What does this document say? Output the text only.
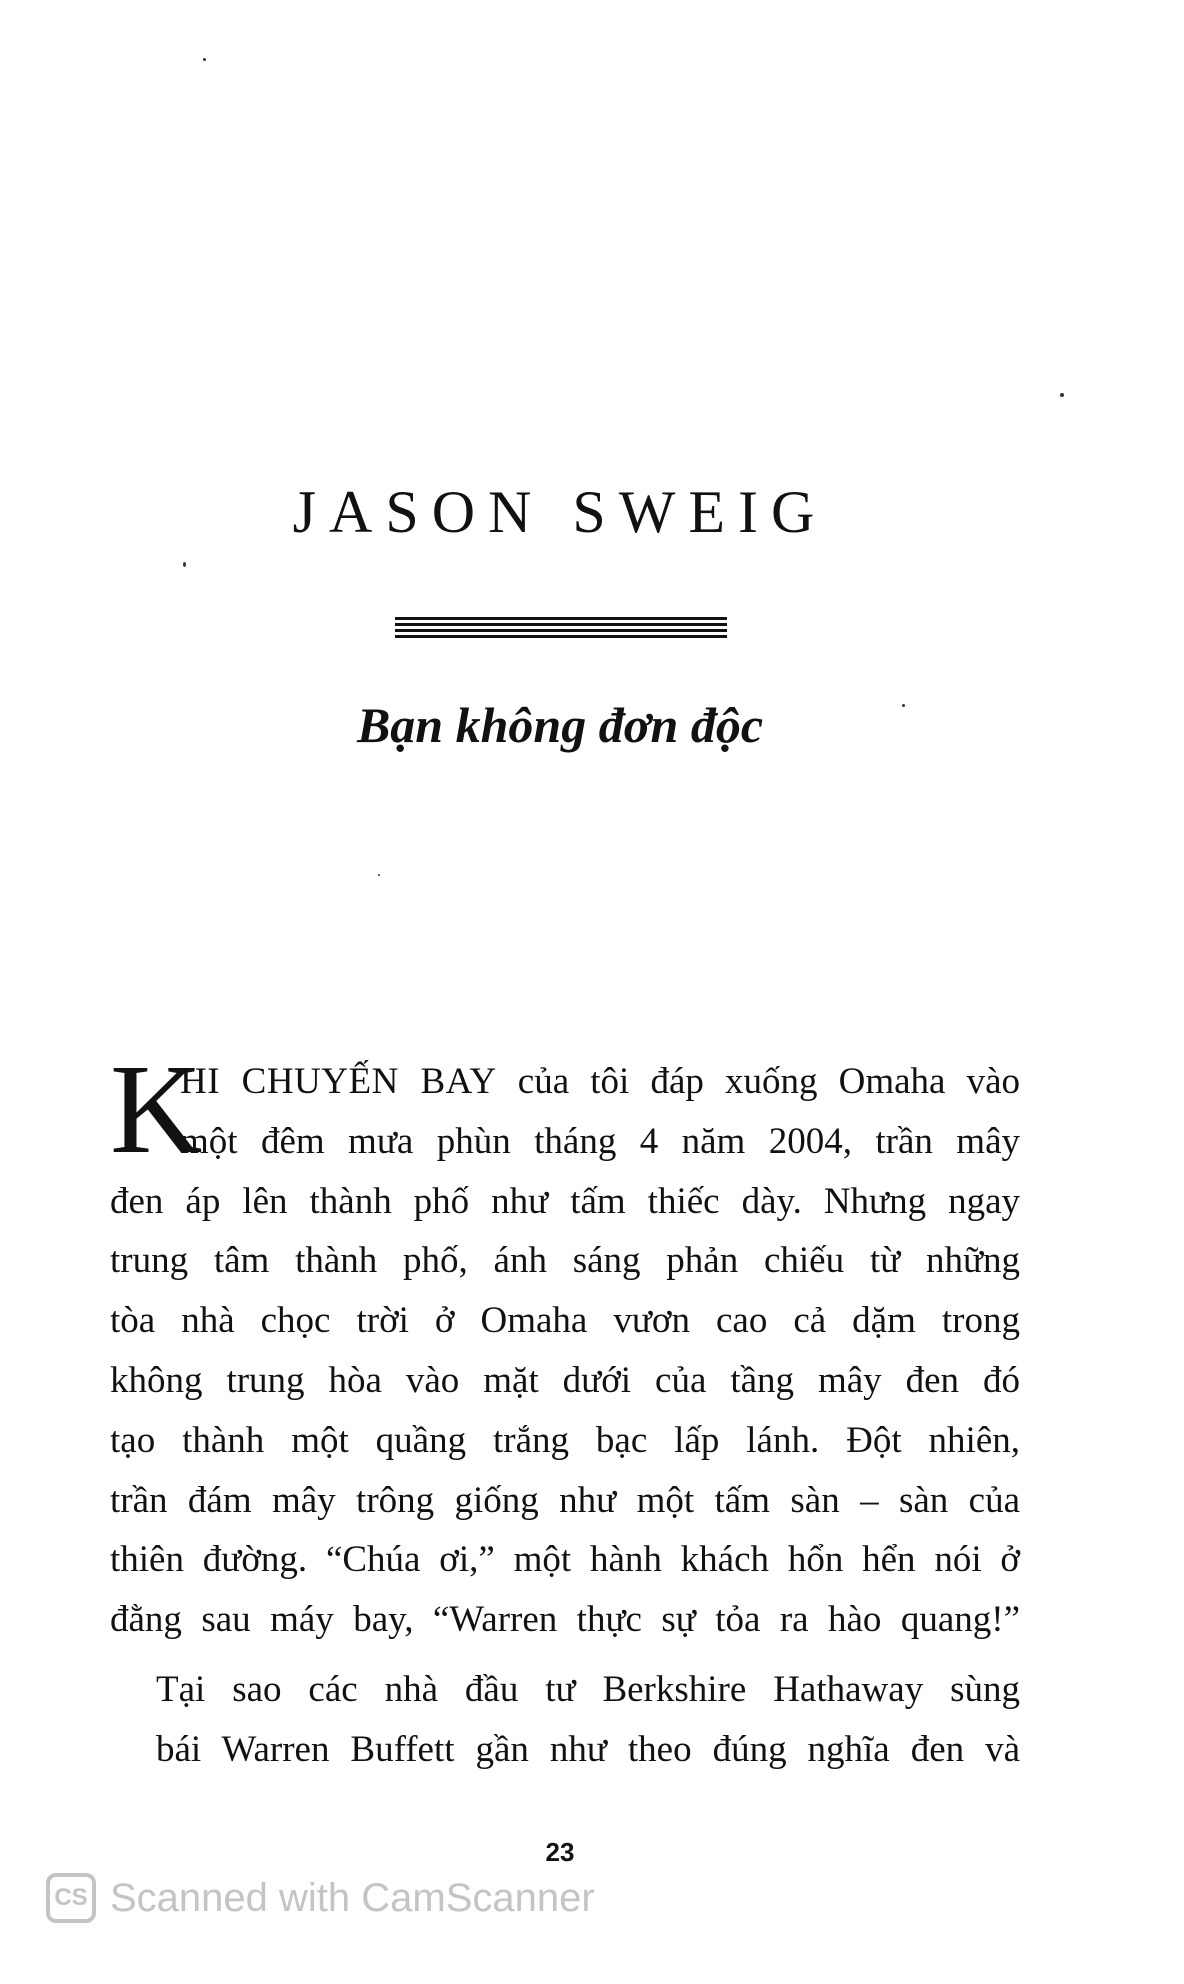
JASON SWEIG
Bạn không đơn độc

K
HI CHUYẾN BAY của tôi đáp xuống Omaha vào
một đêm mưa phùn tháng 4 năm 2004, trần mây
đen áp lên thành phố như tấm thiếc dày. Nhưng ngay
trung tâm thành phố, ánh sáng phản chiếu từ những
tòa nhà chọc trời ở Omaha vươn cao cả dặm trong
không trung hòa vào mặt dưới của tầng mây đen đó
tạo thành một quầng trắng bạc lấp lánh. Đột nhiên,
trần đám mây trông giống như một tấm sàn – sàn của
thiên đường. “Chúa ơi,” một hành khách hổn hển nói ở
đằng sau máy bay, “Warren thực sự tỏa ra hào quang!”

Tại sao các nhà đầu tư Berkshire Hathaway sùng
bái Warren Buffett gần như theo đúng nghĩa đen và

23
CS Scanned with CamScanner
